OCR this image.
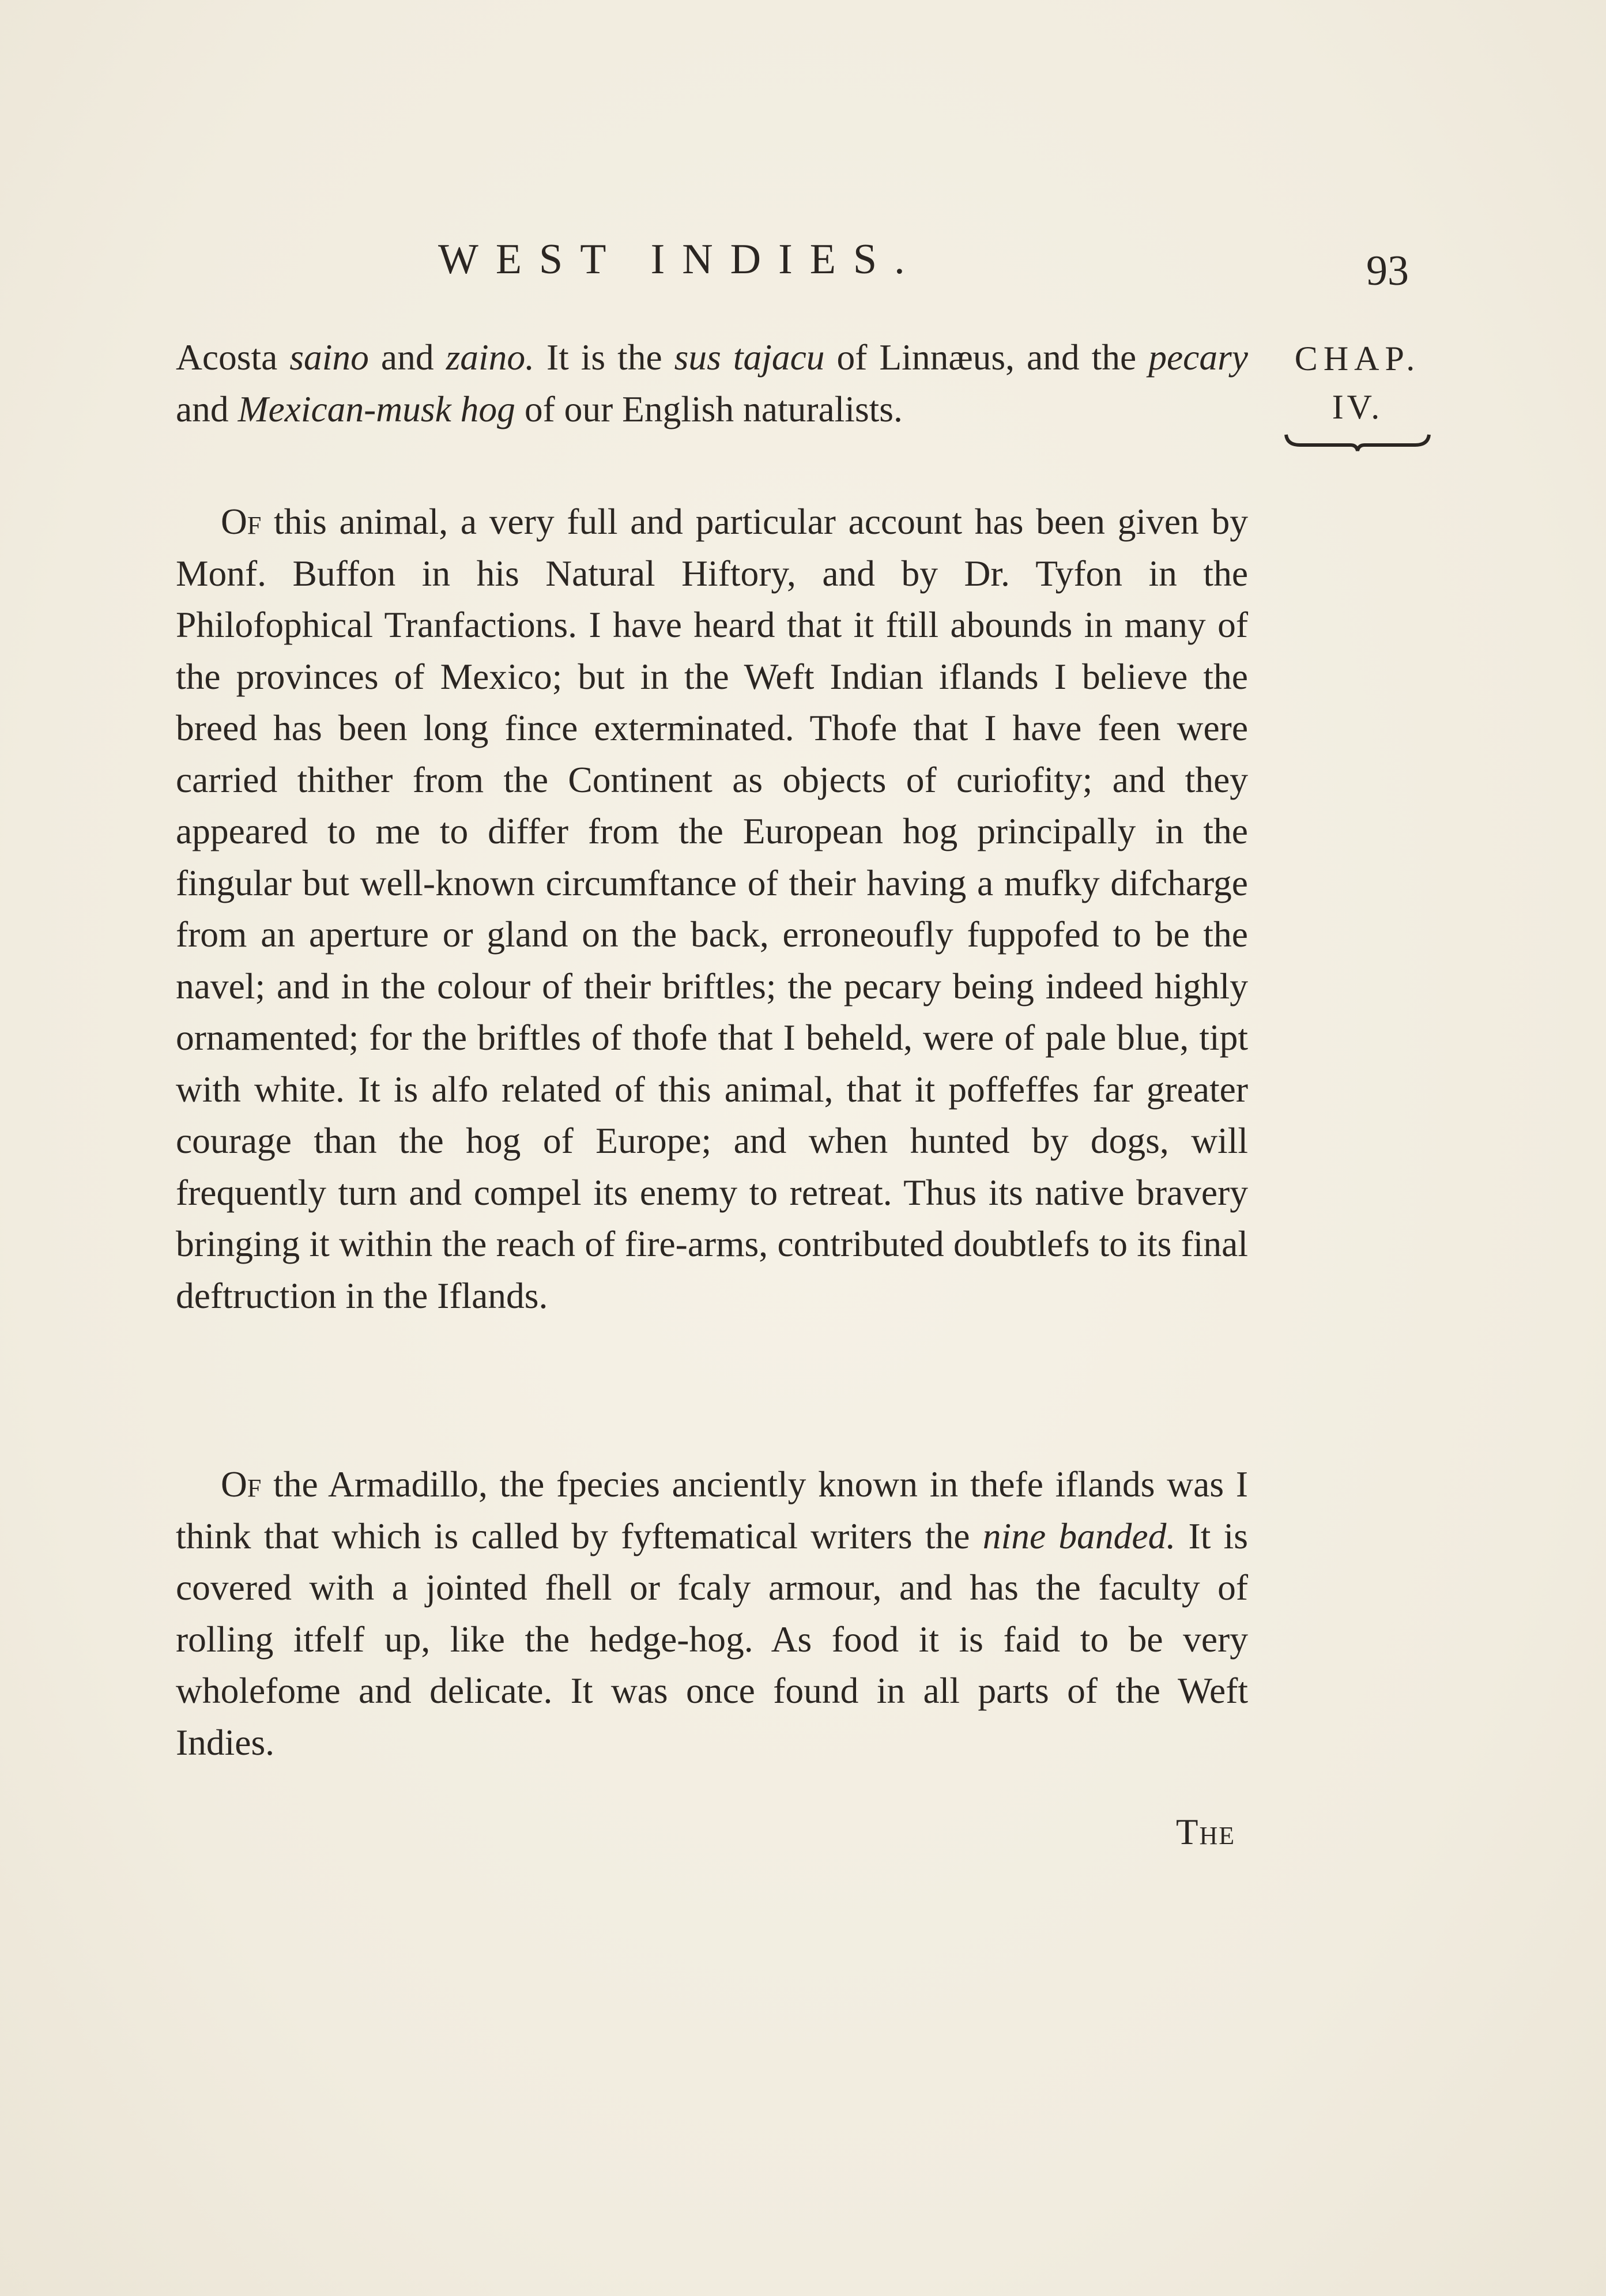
WEST INDIES.	93
CHAP.
IV.

Acosta saino and zaino. It is the sus tajacu of Linnæus, and the pecary and Mexican-musk hog of our English naturalists.

Of this animal, a very full and particular account has been given by Monf. Buffon in his Natural Hiftory, and by Dr. Tyfon in the Philofophical Tranfactions. I have heard that it ftill abounds in many of the provinces of Mexico; but in the Weft Indian iflands I believe the breed has been long fince exterminated. Thofe that I have feen were carried thither from the Continent as objects of curiofity; and they appeared to me to differ from the European hog principally in the fingular but well-known circumftance of their having a mufky difcharge from an aperture or gland on the back, erroneoufly fuppofed to be the navel; and in the colour of their briftles; the pecary being indeed highly ornamented; for the briftles of thofe that I beheld, were of pale blue, tipt with white. It is alfo related of this animal, that it poffeffes far greater courage than the hog of Europe; and when hunted by dogs, will frequently turn and compel its enemy to retreat. Thus its native bravery bringing it within the reach of fire-arms, contributed doubtlefs to its final deftruction in the Iflands.

Of the Armadillo, the fpecies anciently known in thefe iflands was I think that which is called by fyftematical writers the nine banded. It is covered with a jointed fhell or fcaly armour, and has the faculty of rolling itfelf up, like the hedge-hog. As food it is faid to be very wholefome and delicate. It was once found in all parts of the Weft Indies.

The
